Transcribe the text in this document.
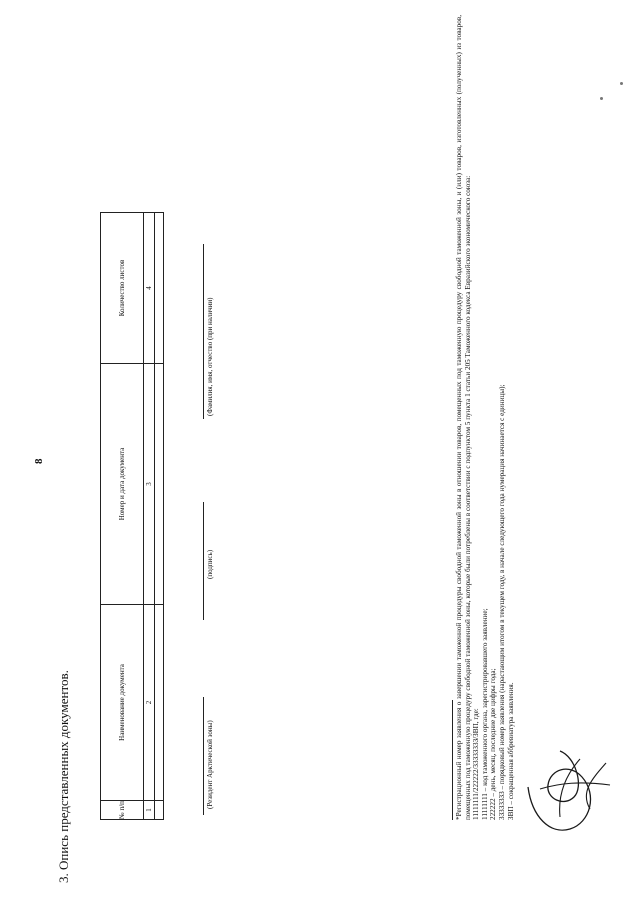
8
3. Опись представленных документов.	№ п/п	Наименование документа	Номер и дата документа	Количество листов
1	2	3	4

(Резидент Арктической зоны)
(подпись)
(Фамилия, имя, отчество (при наличии)	*Регистрационный номер заявления о завершении таможенной процедуры свободной таможенной зоны в отношении товаров, помещенных под таможенную процедуру свободной таможенной зоны, и (или) товаров, изготовленных (полученных) из товаров, помещенных под таможенную процедуру свободной таможенной зоны, которые были потреблены в соответствии с подпунктом 5 пункта 1 статьи 205 Таможенного кодекса Евразийского экономического союза: 11111111/222222/33333333/ЗВП, где: 11111111 – код таможенного органа, зарегистрировавшего заявление; 222222 – день, месяц, последние две цифры года; 33333333 – порядковый номер заявления (нарастающим итогом в текущем году, в начале следующего года нумерация начинается с единицы); ЗВП – сокращенная аббревиатура заявления.
